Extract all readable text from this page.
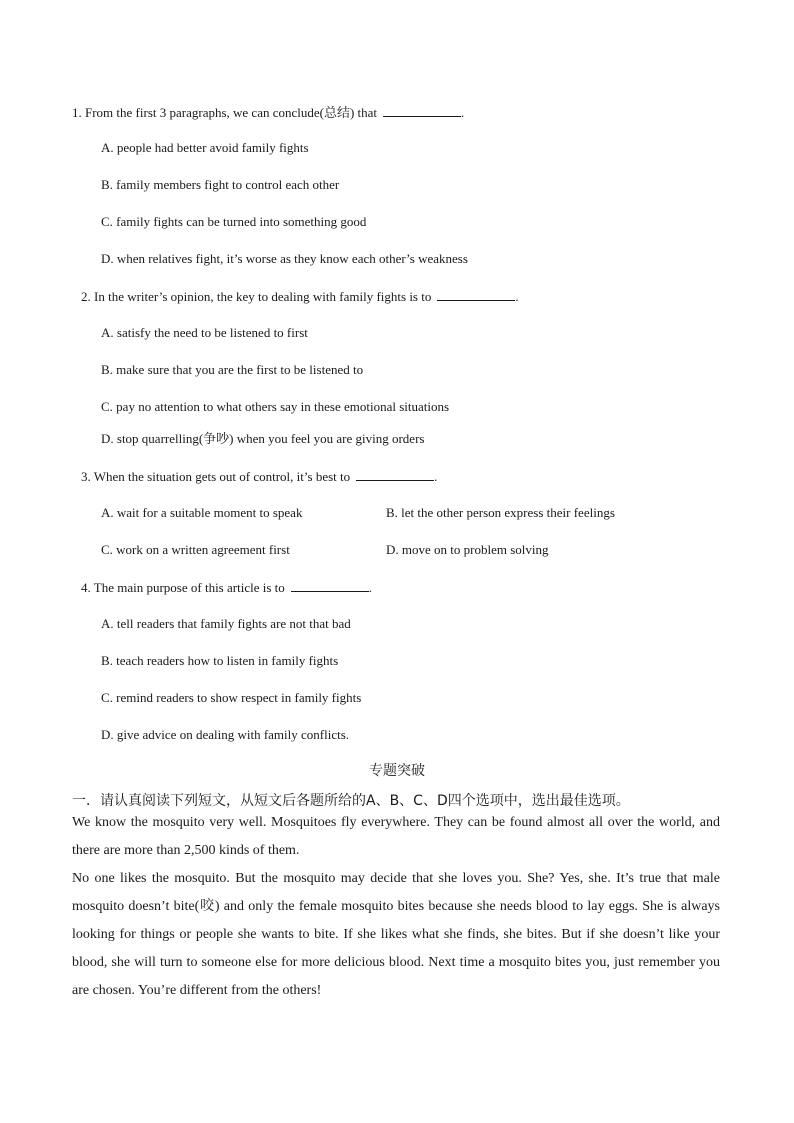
1. From the first 3 paragraphs, we can conclude(总结) that	.
A. people had better avoid family fights
B. family members fight to control each other
C. family fights can be turned into something good
D. when relatives fight, it’s worse as they know each other’s weakness
2. In the writer’s opinion, the key to dealing with family fights is to	.
A. satisfy the need to be listened to first
B. make sure that you are the first to be listened to
C. pay no attention to what others say in these emotional situations
D. stop quarrelling(争吵) when you feel you are giving orders
3. When the situation gets out of control, it’s best to	.
A. wait for a suitable moment to speak	B. let the other person express their feelings
C. work on a written agreement first	D. move on to problem solving
4. The main purpose of this article is to	.
A. tell readers that family fights are not that bad
B. teach readers how to listen in family fights
C. remind readers to show respect in family fights
D. give advice on dealing with family conflicts.
专题突破
一．请认真阅读下列短文，从短文后各题所给的A、B、C、D四个选项中，选出最佳选项。
We know the mosquito very well. Mosquitoes fly everywhere. They can be found almost all over the world, and there are more than 2,500 kinds of them.
No one likes the mosquito. But the mosquito may decide that she loves you. She? Yes, she. It’s true that male mosquito doesn’t bite(咬) and only the female mosquito bites because she needs blood to lay eggs. She is always looking for things or people she wants to bite. If she likes what she finds, she bites. But if she doesn’t like your blood, she will turn to someone else for more delicious blood. Next time a mosquito bites you, just remember you are chosen. You’re different from the others!
